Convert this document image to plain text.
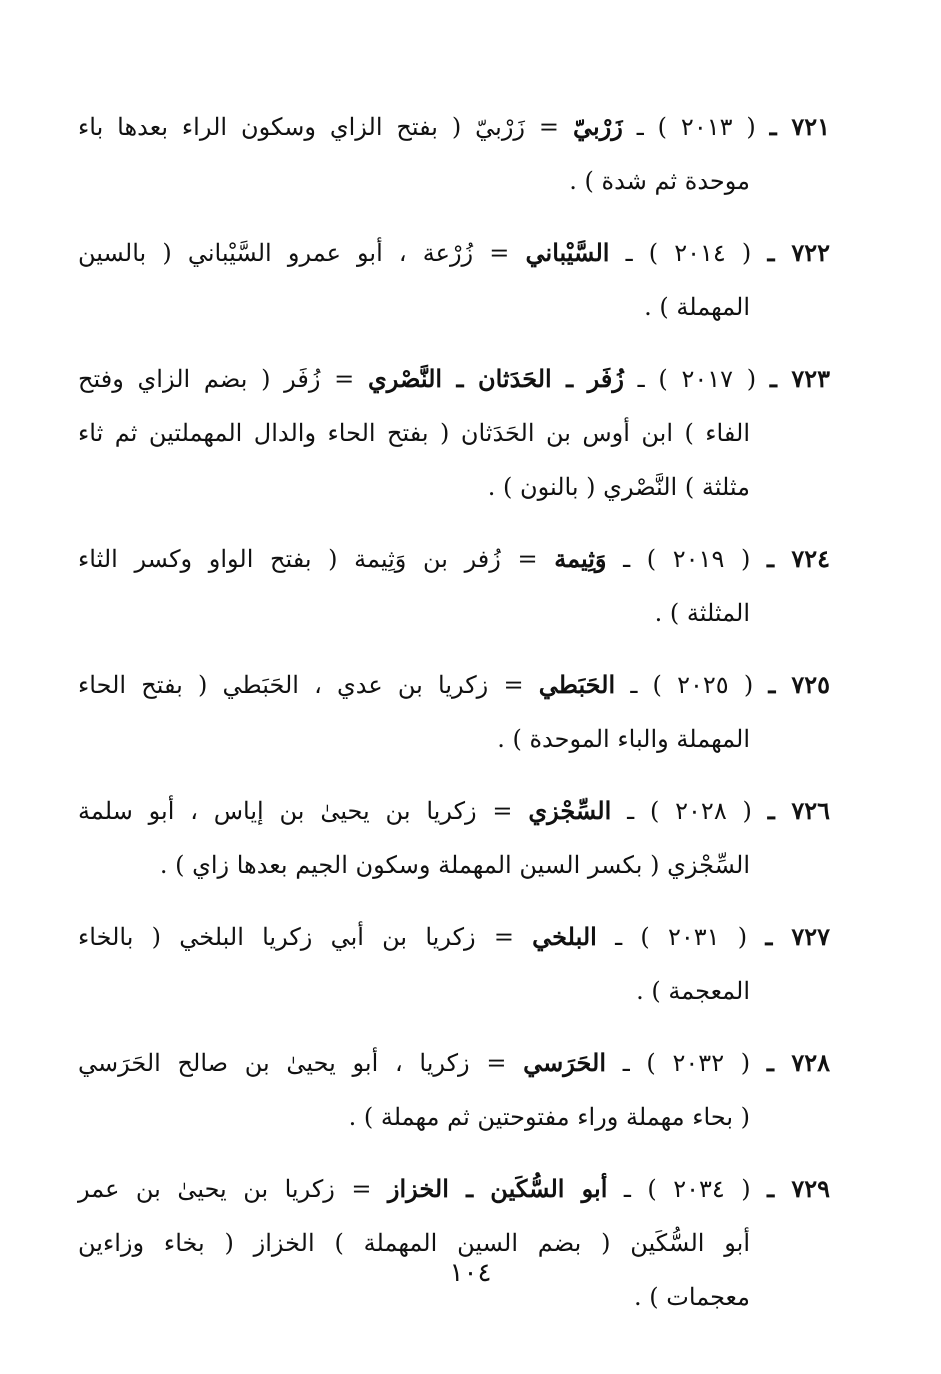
٧٢١ ـ ( ٢٠١٣ ) ـ زَرْبيّ = زَرْبيّ ( بفتح الزاي وسكون الراء بعدها باء
موحدة ثم شدة ) .
٧٢٢ ـ ( ٢٠١٤ ) ـ السَّيْباني = زُرْعة ، أبو عمرو السَّيْباني ( بالسين
المهملة ) .
٧٢٣ ـ ( ٢٠١٧ ) ـ زُفَر ـ الحَدَثان ـ النَّصْري = زُفَر ( بضم الزاي وفتح
الفاء ) ابن أوس بن الحَدَثان ( بفتح الحاء والدال المهملتين ثم ثاء
مثلثة ) النَّصْري ( بالنون ) .
٧٢٤ ـ ( ٢٠١٩ ) ـ وَثِيمة = زُفر بن وَثِيمة ( بفتح الواو وكسر الثاء
المثلثة ) .
٧٢٥ ـ ( ٢٠٢٥ ) ـ الحَبَطي = زكريا بن عدي ، الحَبَطي ( بفتح الحاء
المهملة والباء الموحدة ) .
٧٢٦ ـ ( ٢٠٢٨ ) ـ السِّجْزي = زكريا بن يحيىٰ بن إياس ، أبو سلمة
السِّجْزي ( بكسر السين المهملة وسكون الجيم بعدها زاي ) .
٧٢٧ ـ ( ٢٠٣١ ) ـ البلخي = زكريا بن أبي زكريا البلخي ( بالخاء
المعجمة ) .
٧٢٨ ـ ( ٢٠٣٢ ) ـ الحَرَسي = زكريا ، أبو يحيىٰ بن صالح الحَرَسي
( بحاء مهملة وراء مفتوحتين ثم مهملة ) .
٧٢٩ ـ ( ٢٠٣٤ ) ـ أبو السُّكَين ـ الخزاز = زكريا بن يحيىٰ بن عمر
أبو السُّكَين ( بضم السين المهملة ) الخزاز ( بخاء وزاءين
معجمات ) .
١٠٤
